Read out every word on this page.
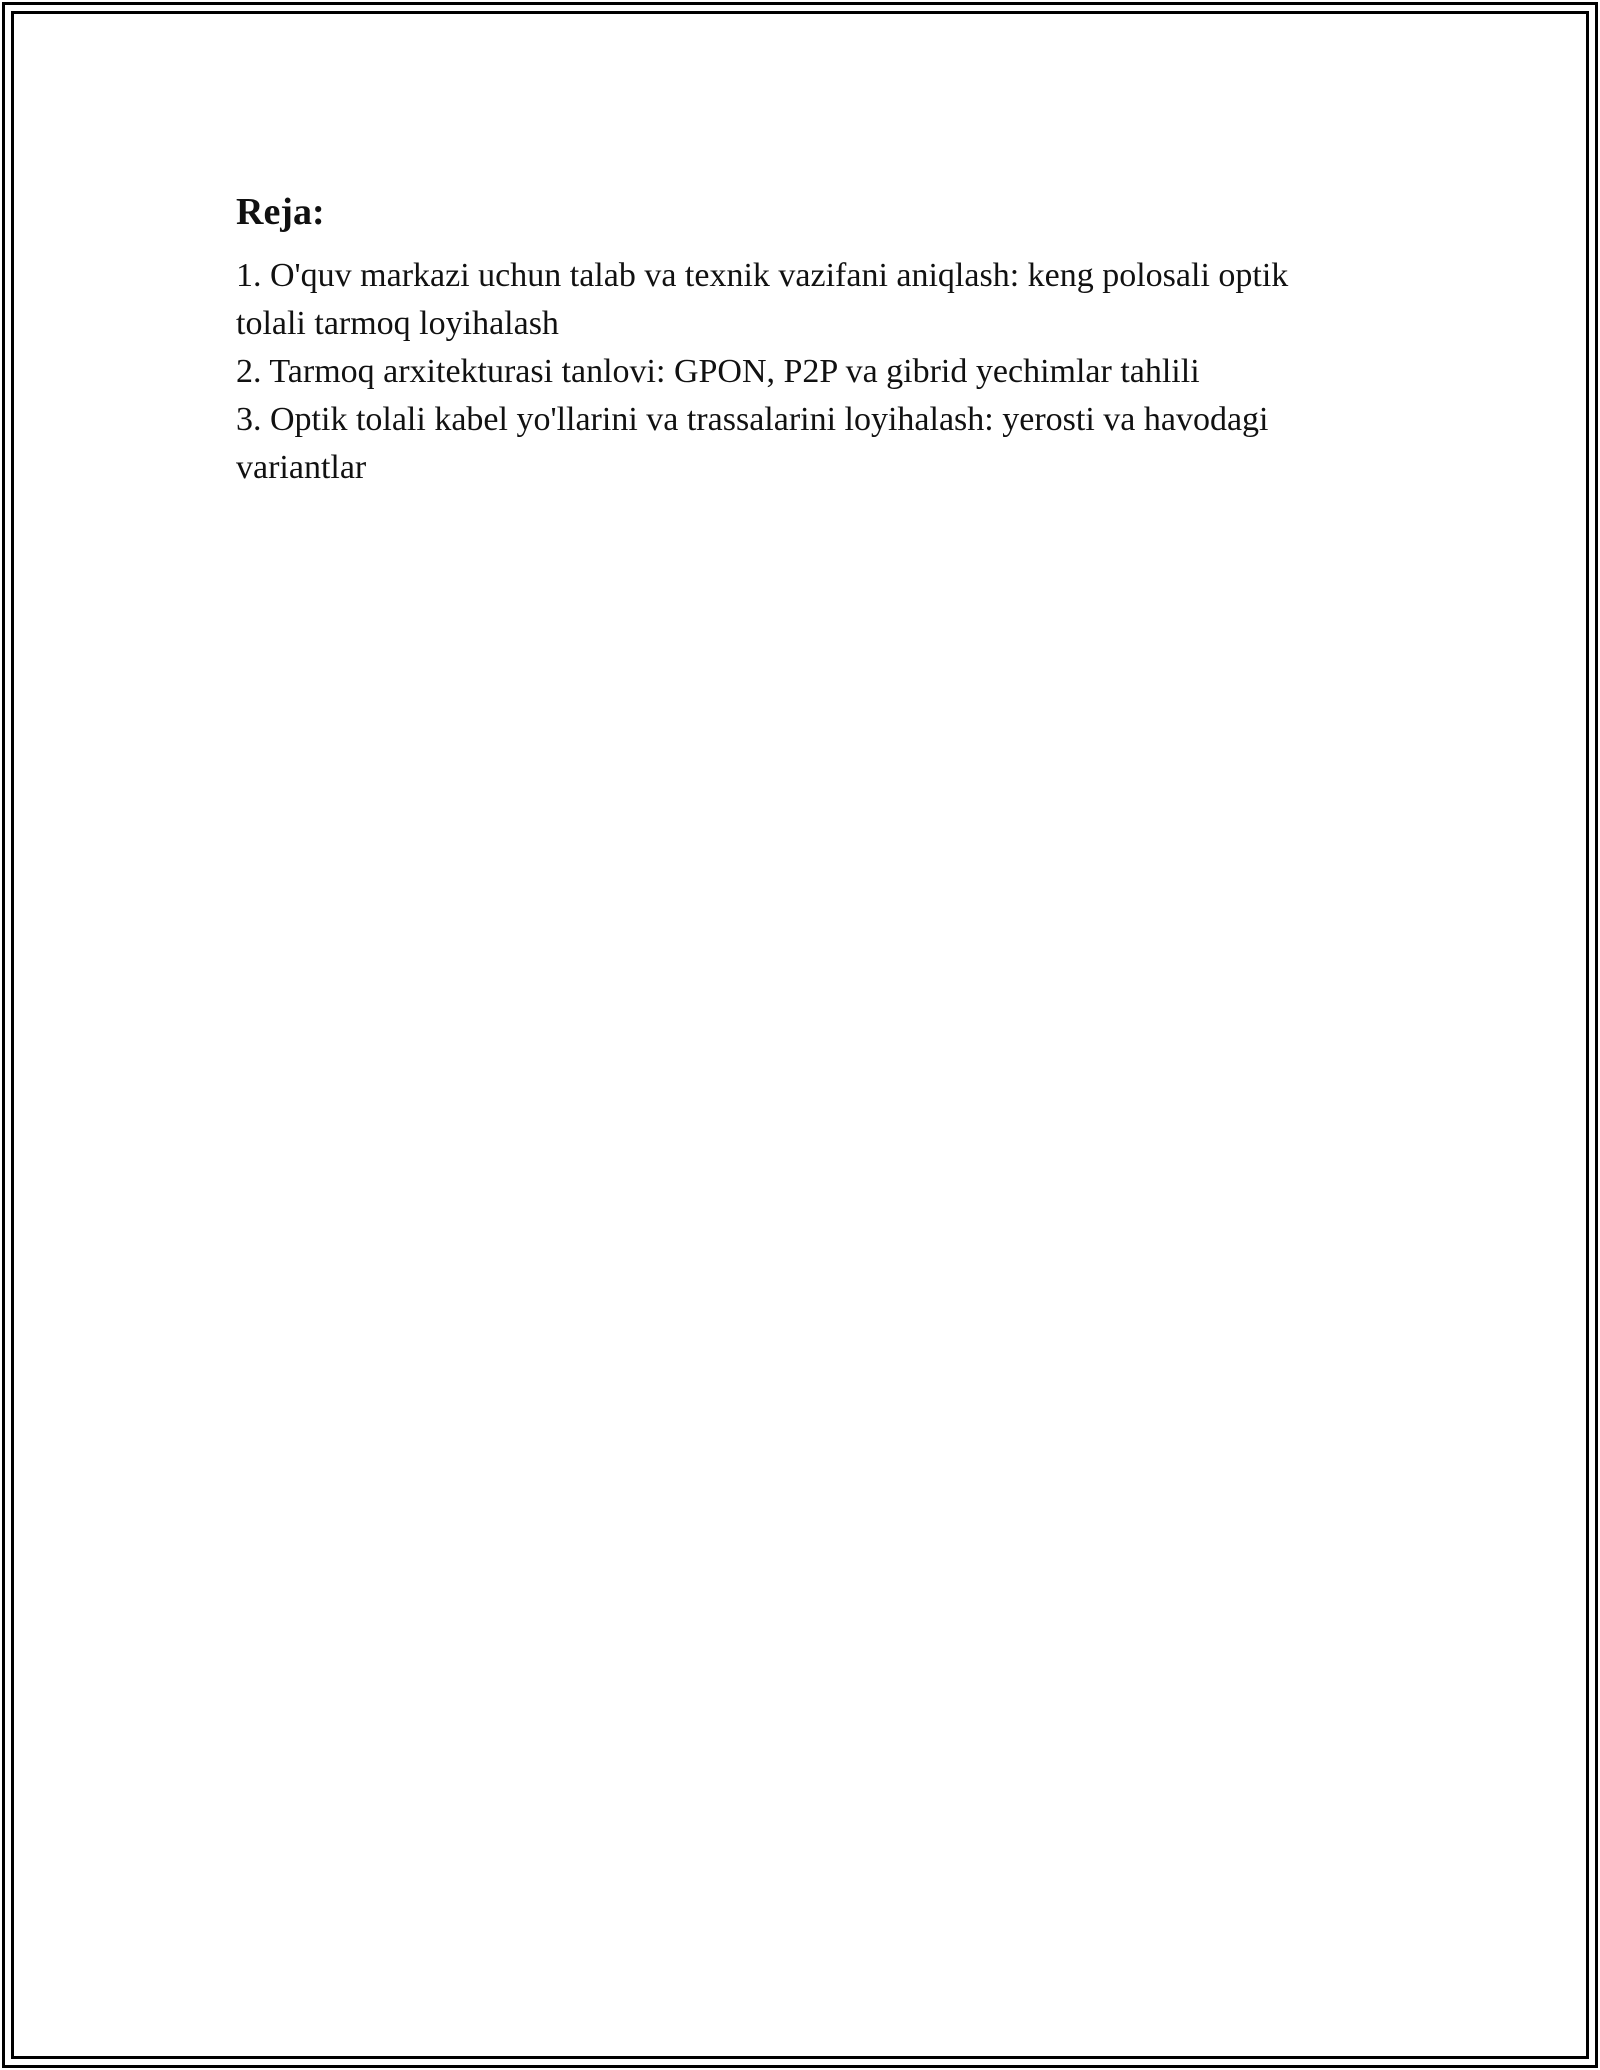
Reja:
1. O'quv markazi uchun talab va texnik vazifani aniqlash: keng polosali optik tolali tarmoq loyihalash
2. Tarmoq arxitekturasi tanlovi: GPON, P2P va gibrid yechimlar tahlili
3. Optik tolali kabel yo'llarini va trassalarini loyihalash: yerosti va havodagi variantlar
